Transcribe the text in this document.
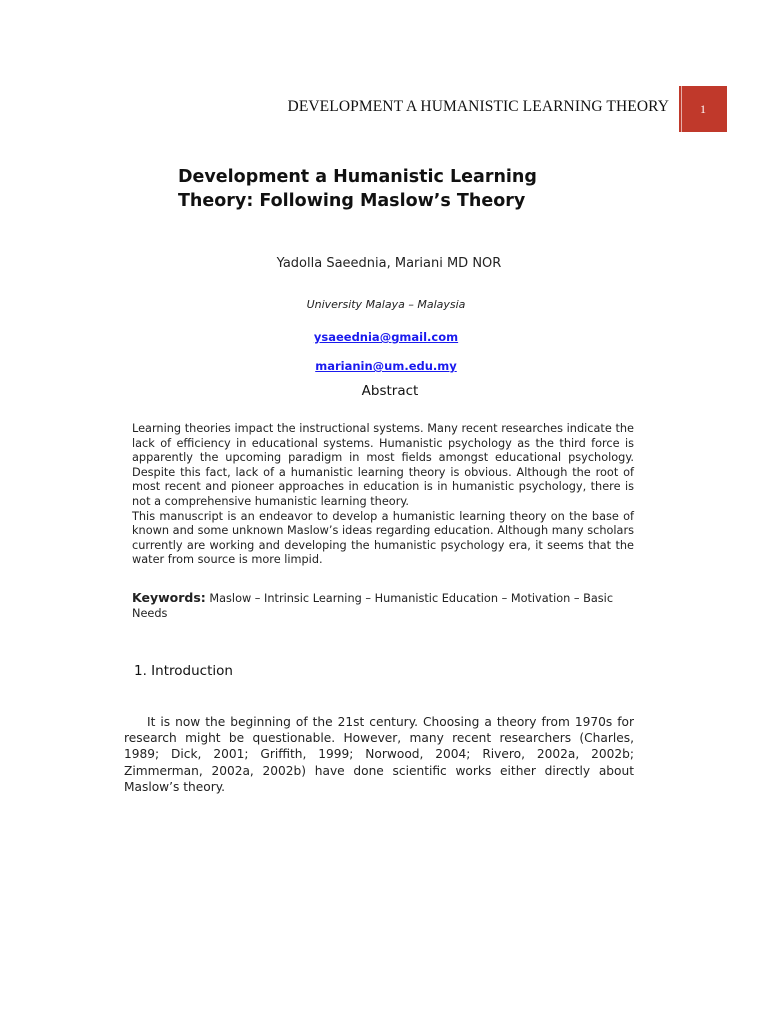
DEVELOPMENT A HUMANISTIC LEARNING THEORY	1
Development a Humanistic Learning
Theory: Following Maslow’s Theory
Yadolla Saeednia, Mariani MD NOR
University Malaya – Malaysia
ysaeednia@gmail.com
marianin@um.edu.my
Abstract

Learning theories impact the instructional systems. Many recent researches indicate the lack of efficiency in educational systems. Humanistic psychology as the third force is apparently the upcoming paradigm in most fields amongst educational psychology. Despite this fact, lack of a humanistic learning theory is obvious. Although the root of most recent and pioneer approaches in education is in humanistic psychology, there is not a comprehensive humanistic learning theory.

This manuscript is an endeavor to develop a humanistic learning theory on the base of known and some unknown Maslow’s ideas regarding education. Although many scholars currently are working and developing the humanistic psychology era, it seems that the water from source is more limpid.

Keywords: Maslow – Intrinsic Learning – Humanistic Education – Motivation – Basic Needs
1. Introduction
It is now the beginning of the 21st century. Choosing a theory from 1970s for research might be questionable. However, many recent researchers (Charles, 1989; Dick, 2001; Griffith, 1999; Norwood, 2004; Rivero, 2002a, 2002b; Zimmerman, 2002a, 2002b) have done scientific works either directly about Maslow’s theory.
